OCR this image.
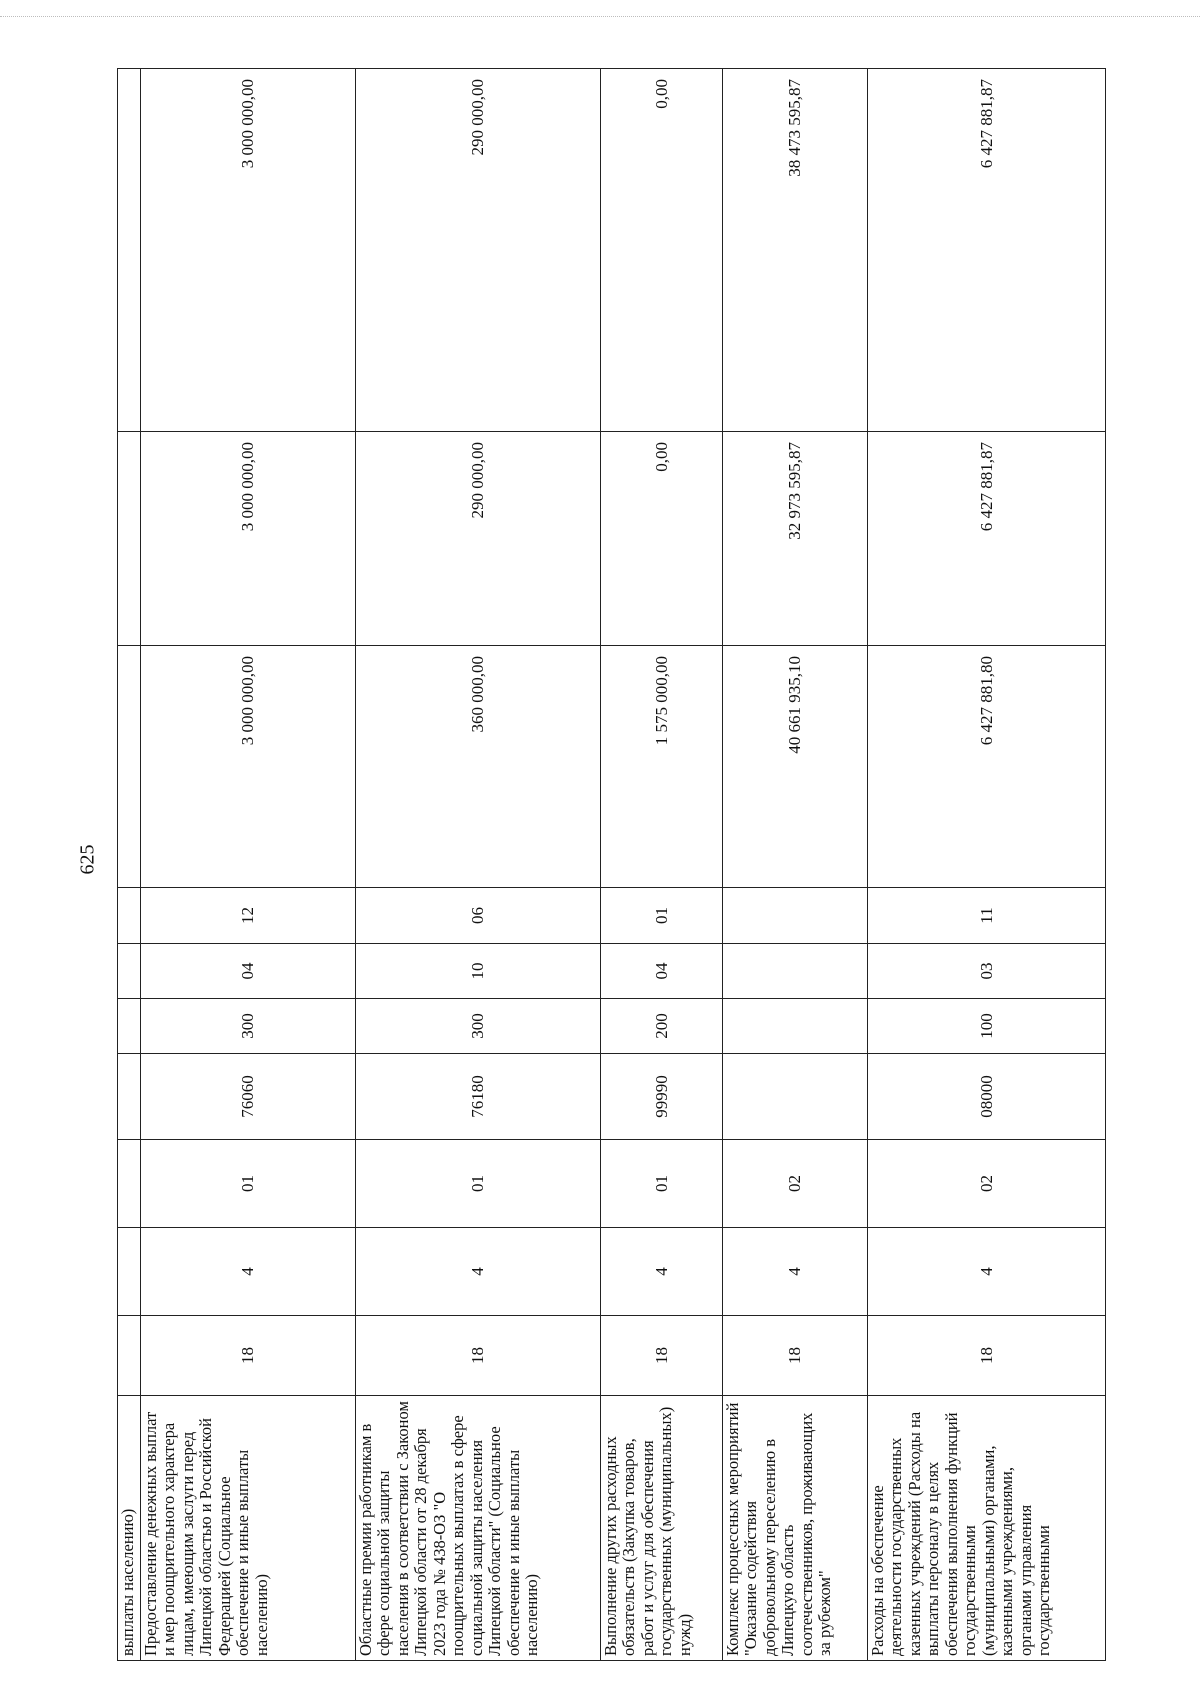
625
выплаты населению)										
Предоставление денежных выплат и мер поощрительного характера лицам, имеющим заслуги перед Липецкой областью и Российской Федерацией (Социальное обеспечение и иные выплаты населению)	18	4	01	76060	300	04	12	3 000 000,00	3 000 000,00	3 000 000,00
Областные премии работникам в сфере социальной защиты населения в соответствии с Законом Липецкой области от 28 декабря 2023 года № 438-ОЗ "О поощрительных выплатах в сфере социальной защиты населения Липецкой области" (Социальное обеспечение и иные выплаты населению)	18	4	01	76180	300	10	06	360 000,00	290 000,00	290 000,00
Выполнение других расходных обязательств (Закупка товаров, работ и услуг для обеспечения государственных (муниципальных) нужд)	18	4	01	99990	200	04	01	1 575 000,00	0,00	0,00
Комплекс процессных мероприятий "Оказание содействия добровольному переселению в Липецкую область соотечественников, проживающих за рубежом"	18	4	02					40 661 935,10	32 973 595,87	38 473 595,87
Расходы на обеспечение деятельности государственных казенных учреждений (Расходы на выплаты персоналу в целях обеспечения выполнения функций государственными (муниципальными) органами, казенными учреждениями, органами управления государственными	18	4	02	08000	100	03	11	6 427 881,80	6 427 881,87	6 427 881,87
